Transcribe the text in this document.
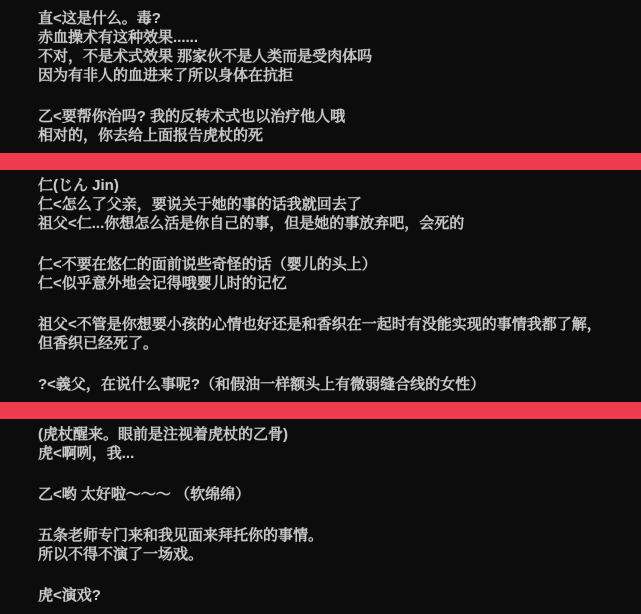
直<这是什么。毒?
赤血操术有这种效果......
不对，不是术式效果 那家伙不是人类而是受肉体吗
因为有非人的血进来了所以身体在抗拒
乙<要帮你治吗? 我的反转术式也以治疗他人哦
相对的，你去给上面报告虎杖的死
仁(じん Jin)
仁<怎么了父亲，要说关于她的事的话我就回去了
祖父<仁...你想怎么活是你自己的事，但是她的事放弃吧，会死的
仁<不要在悠仁的面前说些奇怪的话（婴儿的头上）
仁<似乎意外地会记得哦婴儿时的记忆
祖父<不管是你想要小孩的心情也好还是和香织在一起时有没能实现的事情我都了解，
但香织已经死了。
?<義父，在说什么事呢?（和假油一样额头上有微弱缝合线的女性）
(虎杖醒来。眼前是注视着虎杖的乙骨)
虎<啊咧，我...
乙<哟 太好啦～～～ （软绵绵）
五条老师专门来和我见面来拜托你的事情。
所以不得不演了一场戏。
虎<演戏?
